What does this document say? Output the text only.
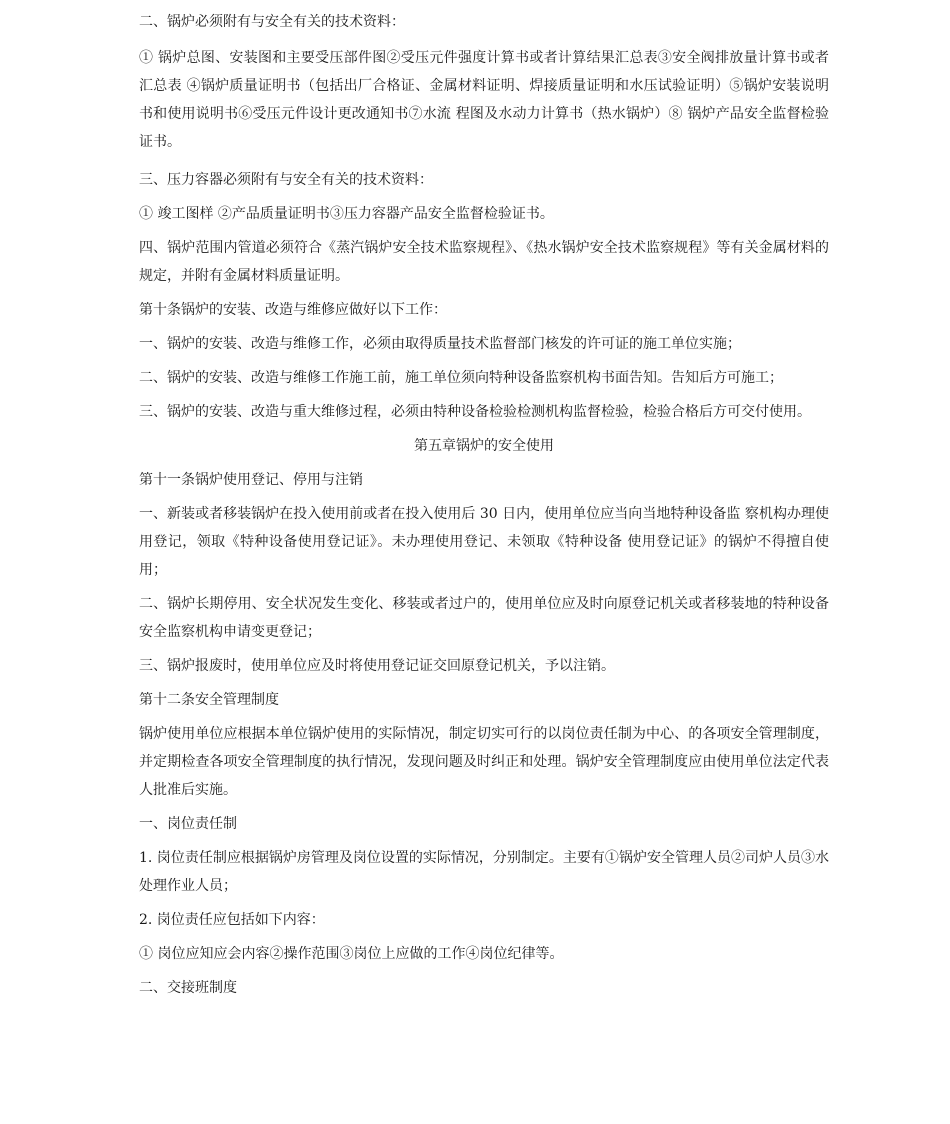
二、锅炉必须附有与安全有关的技术资料：

① 锅炉总图、安装图和主要受压部件图②受压元件强度计算书或者计算结果汇总表③安全阀排放量计算书或者汇总表 ④锅炉质量证明书（包括出厂合格证、金属材料证明、焊接质量证明和水压试验证明）⑤锅炉安装说明书和使用说明书⑥受压元件设计更改通知书⑦水流 程图及水动力计算书（热水锅炉）⑧ 锅炉产品安全监督检验证书。

三、压力容器必须附有与安全有关的技术资料：

① 竣工图样 ②产品质量证明书③压力容器产品安全监督检验证书。

四、锅炉范围内管道必须符合《蒸汽锅炉安全技术监察规程》、《热水锅炉安全技术监察规程》等有关金属材料的规定，并附有金属材料质量证明。

第十条锅炉的安装、改造与维修应做好以下工作：

一、锅炉的安装、改造与维修工作，必须由取得质量技术监督部门核发的许可证的施工单位实施；

二、锅炉的安装、改造与维修工作施工前，施工单位须向特种设备监察机构书面告知。告知后方可施工；

三、锅炉的安装、改造与重大维修过程，必须由特种设备检验检测机构监督检验，检验合格后方可交付使用。

第五章锅炉的安全使用

第十一条锅炉使用登记、停用与注销

一、新装或者移装锅炉在投入使用前或者在投入使用后 30 日内，使用单位应当向当地特种设备监 察机构办理使用登记，领取《特种设备使用登记证》。未办理使用登记、未领取《特种设备 使用登记证》的锅炉不得擅自使用；

二、锅炉长期停用、安全状况发生变化、移装或者过户的，使用单位应及时向原登记机关或者移装地的特种设备安全监察机构申请变更登记；

三、锅炉报废时，使用单位应及时将使用登记证交回原登记机关，予以注销。

第十二条安全管理制度

锅炉使用单位应根据本单位锅炉使用的实际情况，制定切实可行的以岗位责任制为中心、的各项安全管理制度，并定期检查各项安全管理制度的执行情况，发现问题及时纠正和处理。锅炉安全管理制度应由使用单位法定代表人批准后实施。

一、岗位责任制

1. 岗位责任制应根据锅炉房管理及岗位设置的实际情况，分别制定。主要有①锅炉安全管理人员②司炉人员③水处理作业人员；

2. 岗位责任应包括如下内容：

① 岗位应知应会内容②操作范围③岗位上应做的工作④岗位纪律等。

二、交接班制度
